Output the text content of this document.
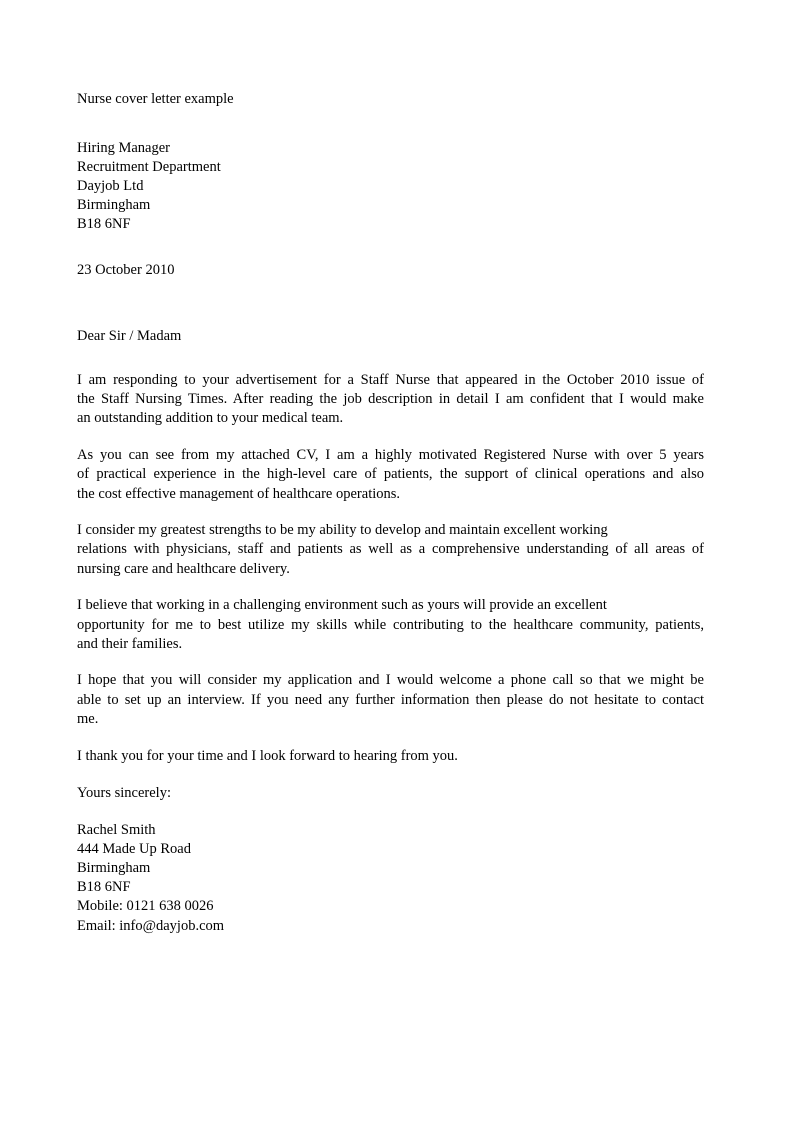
Nurse cover letter example
Hiring Manager
Recruitment Department
Dayjob Ltd
Birmingham
B18 6NF
23 October 2010
Dear Sir / Madam
I am responding to your advertisement for a Staff Nurse that appeared in the October 2010 issue of
the Staff Nursing Times. After reading the job description in detail I am confident that I would make
an outstanding addition to your medical team.
As you can see from my attached CV, I am a highly motivated Registered Nurse with over 5 years
of practical experience in the high-level care of patients, the support of clinical operations and also
the cost effective management of healthcare operations.
I consider my greatest strengths to be my ability to develop and maintain excellent working
relations with physicians, staff and patients as well as a comprehensive understanding of all areas of
nursing care and healthcare delivery.
I believe that working in a challenging environment such as yours will provide an excellent
opportunity for me to best utilize my skills while contributing to the healthcare community, patients,
and their families.
I hope that you will consider my application and I would welcome a phone call so that we might be
able to set up an interview. If you need any further information then please do not hesitate to contact
me.
I thank you for your time and I look forward to hearing from you.
Yours sincerely:
Rachel Smith
444 Made Up Road
Birmingham
B18 6NF
Mobile: 0121 638 0026
Email: info@dayjob.com
